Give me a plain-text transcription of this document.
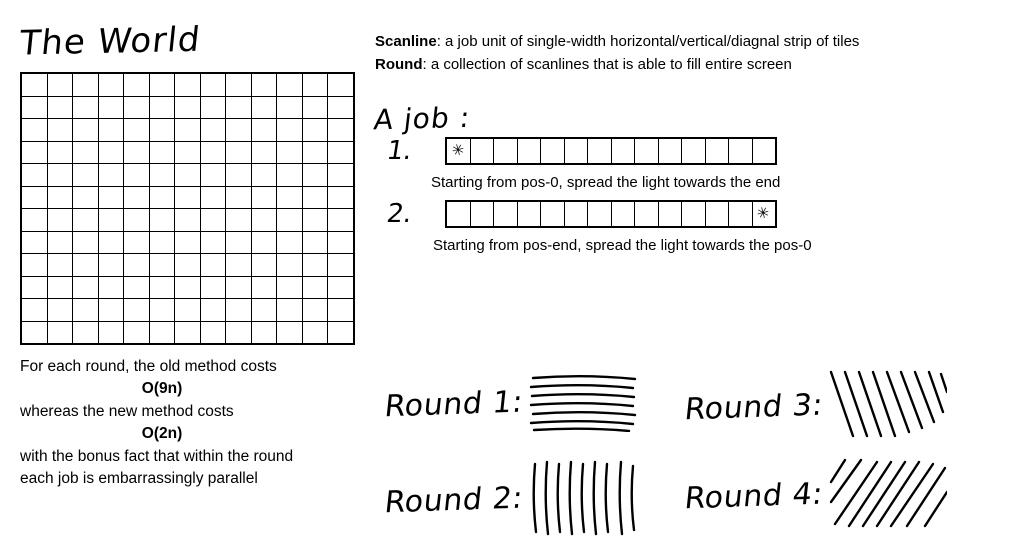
The World

For each round, the old method costs
O(9n)
whereas the new method costs
O(2n)
with the bonus fact that within the round
each job is embarrassingly parallel
Scanline: a job unit of single-width horizontal/vertical/diagnal strip of tiles
Round: a collection of scanlines that is able to fill entire screen
A job :
1.	✳													
Starting from pos-0, spread the light towards the end
2.
														✳
Starting from pos-end, spread the light towards the pos-0
Round 1:
Round 2:
Round 3:
Round 4:
